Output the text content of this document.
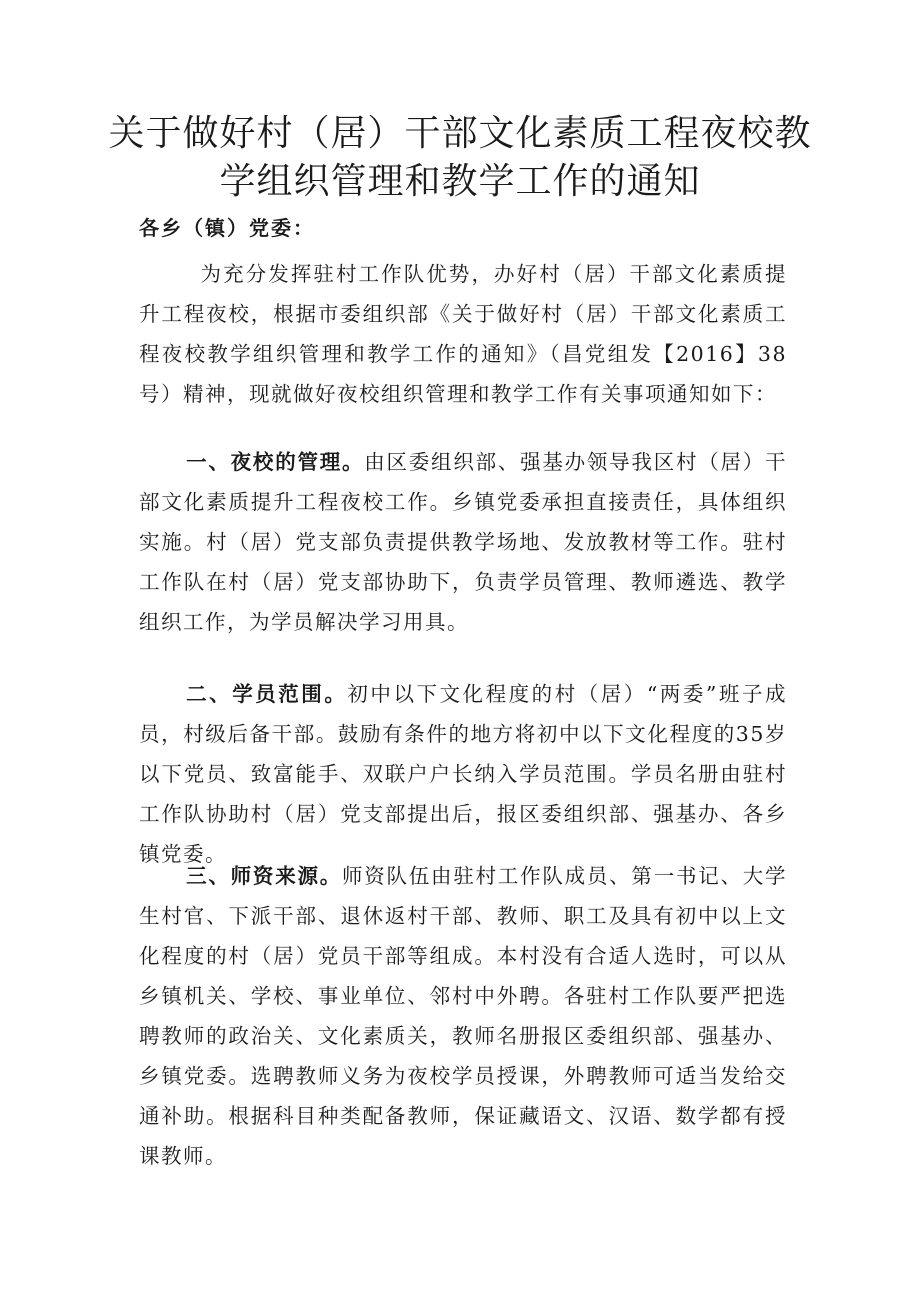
关于做好村（居）干部文化素质工程夜校教
学组织管理和教学工作的通知

各乡（镇）党委：

为充分发挥驻村工作队优势，办好村（居）干部文化素质提升工程夜校，根据市委组织部《关于做好村（居）干部文化素质工程夜校教学组织管理和教学工作的通知》（昌党组发【2016】38号）精神，现就做好夜校组织管理和教学工作有关事项通知如下：

一、夜校的管理。由区委组织部、强基办领导我区村（居）干部文化素质提升工程夜校工作。乡镇党委承担直接责任，具体组织实施。村（居）党支部负责提供教学场地、发放教材等工作。驻村工作队在村（居）党支部协助下，负责学员管理、教师遴选、教学组织工作，为学员解决学习用具。

二、学员范围。初中以下文化程度的村（居）“两委”班子成员，村级后备干部。鼓励有条件的地方将初中以下文化程度的35岁以下党员、致富能手、双联户户长纳入学员范围。学员名册由驻村工作队协助村（居）党支部提出后，报区委组织部、强基办、各乡镇党委。

三、师资来源。师资队伍由驻村工作队成员、第一书记、大学生村官、下派干部、退休返村干部、教师、职工及具有初中以上文化程度的村（居）党员干部等组成。本村没有合适人选时，可以从乡镇机关、学校、事业单位、邻村中外聘。各驻村工作队要严把选聘教师的政治关、文化素质关，教师名册报区委组织部、强基办、乡镇党委。选聘教师义务为夜校学员授课，外聘教师可适当发给交通补助。根据科目种类配备教师，保证藏语文、汉语、数学都有授课教师。
